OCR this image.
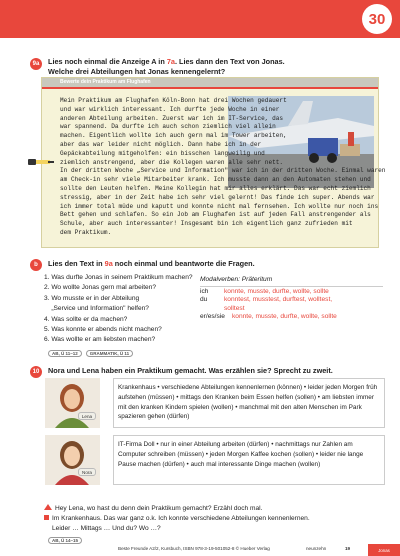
30
9a	Lies noch einmal die Anzeige A in 7a. Lies dann den Text von Jonas.
Welche drei Abteilungen hat Jonas kennengelernt?
Bewerte dein Praktikum am Flughafen
Mein Praktikum am Flughafen Köln-Bonn hat drei Wochen gedauert
und war wirklich interessant. Ich durfte jede Woche in einer
anderen Abteilung arbeiten. Zuerst war ich im IT-Service, das
war spannend. Da durfte ich auch schon ziemlich viel allein
machen. Eigentlich wollte ich auch gern mal im Tower arbeiten,
aber das war leider nicht möglich. Dann habe ich in der
Gepäckabteilung mitgeholfen: ein bisschen langweilig und
ziemlich anstrengend, aber die Kollegen waren alle sehr nett.
In der dritten Woche „Service und Information" war ich in der dritten Woche. Einmal waren
am Check-in sehr viele Mitarbeiter krank. Ich musste dann an den Automaten stehen und
sollte den Leuten helfen. Meine Kollegin hat mir alles erklärt. Das war echt ziemlich
stressig, aber in der Zeit habe ich sehr viel gelernt! Das finde ich super. Abends war
ich immer total müde und kaputt und konnte nicht mal fernsehen. Ich wollte nur noch ins
Bett gehen und schlafen. So ein Job am Flughafen ist auf jeden Fall anstrengender als
Schule, aber auch interessanter! Insgesamt bin ich eigentlich ganz zufrieden mit
dem Praktikum.
b	Lies den Text in 9a noch einmal und beantworte die Fragen.
1. Was durfte Jonas in seinem Praktikum machen?
2. Wo wollte Jonas gern mal arbeiten?
3. Wo musste er in der Abteilung
„Service und Information" helfen?
4. Was sollte er da machen?
5. Was konnte er abends nicht machen?
6. Was wollte er am liebsten machen?
Modalverben: Präteritum
ich	konnte, musste, durfte, wollte, sollte
du	konntest, musstest, durftest, wolltest,
solltest
er/es/sie	konnte, musste, durfte, wollte, sollte
AB, Ü 11–12	GRAMMATIK, Ü 11
10	Nora und Lena haben ein Praktikum gemacht. Was erzählen sie? Sprecht zu zweit.
Lena
Krankenhaus • verschiedene Abteilungen kennenlernen (können) • leider jeden Morgen früh aufstehen (müssen) • mittags den Kranken beim Essen helfen (sollen) • am liebsten immer mit den kranken Kindern spielen (wollen) • manchmal mit den alten Menschen im Park spazieren gehen (dürfen)
Nora
IT-Firma Doll • nur in einer Abteilung arbeiten (dürfen) • nachmittags nur Zahlen am Computer schreiben (müssen) • jeden Morgen Kaffee kochen (sollen) • leider nie lange Pause machen (dürfen) • auch mal interessante Dinge machen (wollen)
Hey Lena, wo hast du denn dein Praktikum gemacht? Erzähl doch mal.
Im Krankenhaus. Das war ganz o.k. Ich konnte verschiedene Abteilungen kennenlernen.
Leider … Mittags … Und du? Wo …?
AB, Ü 14–15
Beste Freunde A2/2, Kursbuch, ISBN 978-3-19-501052-8 © Hueber Verlag	neunzehn	19	Jonas
